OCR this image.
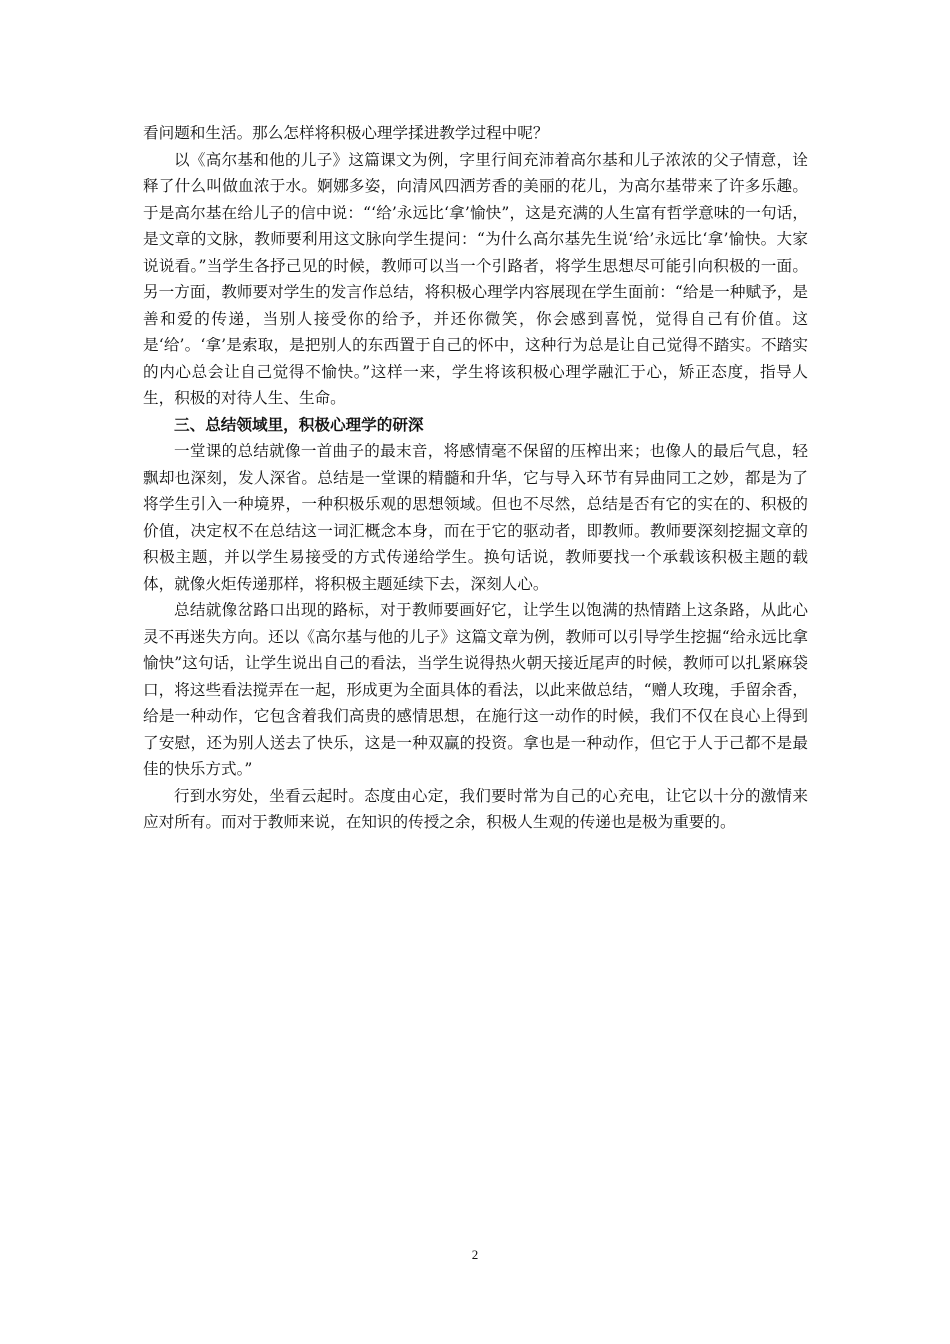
看问题和生活。那么怎样将积极心理学揉进教学过程中呢？

以《高尔基和他的儿子》这篇课文为例，字里行间充沛着高尔基和儿子浓浓的父子情意，诠释了什么叫做血浓于水。婀娜多姿，向清风四洒芳香的美丽的花儿，为高尔基带来了许多乐趣。于是高尔基在给儿子的信中说：“‘给’永远比‘拿’愉快”，这是充满的人生富有哲学意味的一句话，是文章的文脉，教师要利用这文脉向学生提问：“为什么高尔基先生说‘给’永远比‘拿’愉快。大家说说看。”当学生各抒己见的时候，教师可以当一个引路者，将学生思想尽可能引向积极的一面。另一方面，教师要对学生的发言作总结，将积极心理学内容展现在学生面前：“给是一种赋予，是善和爱的传递，当别人接受你的给予，并还你微笑，你会感到喜悦，觉得自己有价值。这是‘给’。‘拿’是索取，是把别人的东西置于自己的怀中，这种行为总是让自己觉得不踏实。不踏实的内心总会让自己觉得不愉快。”这样一来，学生将该积极心理学融汇于心，矫正态度，指导人生，积极的对待人生、生命。

三、总结领域里，积极心理学的研深

一堂课的总结就像一首曲子的最末音，将感情毫不保留的压榨出来；也像人的最后气息，轻飘却也深刻，发人深省。总结是一堂课的精髓和升华，它与导入环节有异曲同工之妙，都是为了将学生引入一种境界，一种积极乐观的思想领域。但也不尽然，总结是否有它的实在的、积极的价值，决定权不在总结这一词汇概念本身，而在于它的驱动者，即教师。教师要深刻挖掘文章的积极主题，并以学生易接受的方式传递给学生。换句话说，教师要找一个承载该积极主题的载体，就像火炬传递那样，将积极主题延续下去，深刻人心。

总结就像岔路口出现的路标，对于教师要画好它，让学生以饱满的热情踏上这条路，从此心灵不再迷失方向。还以《高尔基与他的儿子》这篇文章为例，教师可以引导学生挖掘“给永远比拿愉快”这句话，让学生说出自己的看法，当学生说得热火朝天接近尾声的时候，教师可以扎紧麻袋口，将这些看法搅弄在一起，形成更为全面具体的看法，以此来做总结，“赠人玫瑰，手留余香，给是一种动作，它包含着我们高贵的感情思想，在施行这一动作的时候，我们不仅在良心上得到了安慰，还为别人送去了快乐，这是一种双赢的投资。拿也是一种动作，但它于人于己都不是最佳的快乐方式。”

行到水穷处，坐看云起时。态度由心定，我们要时常为自己的心充电，让它以十分的激情来应对所有。而对于教师来说，在知识的传授之余，积极人生观的传递也是极为重要的。

2
